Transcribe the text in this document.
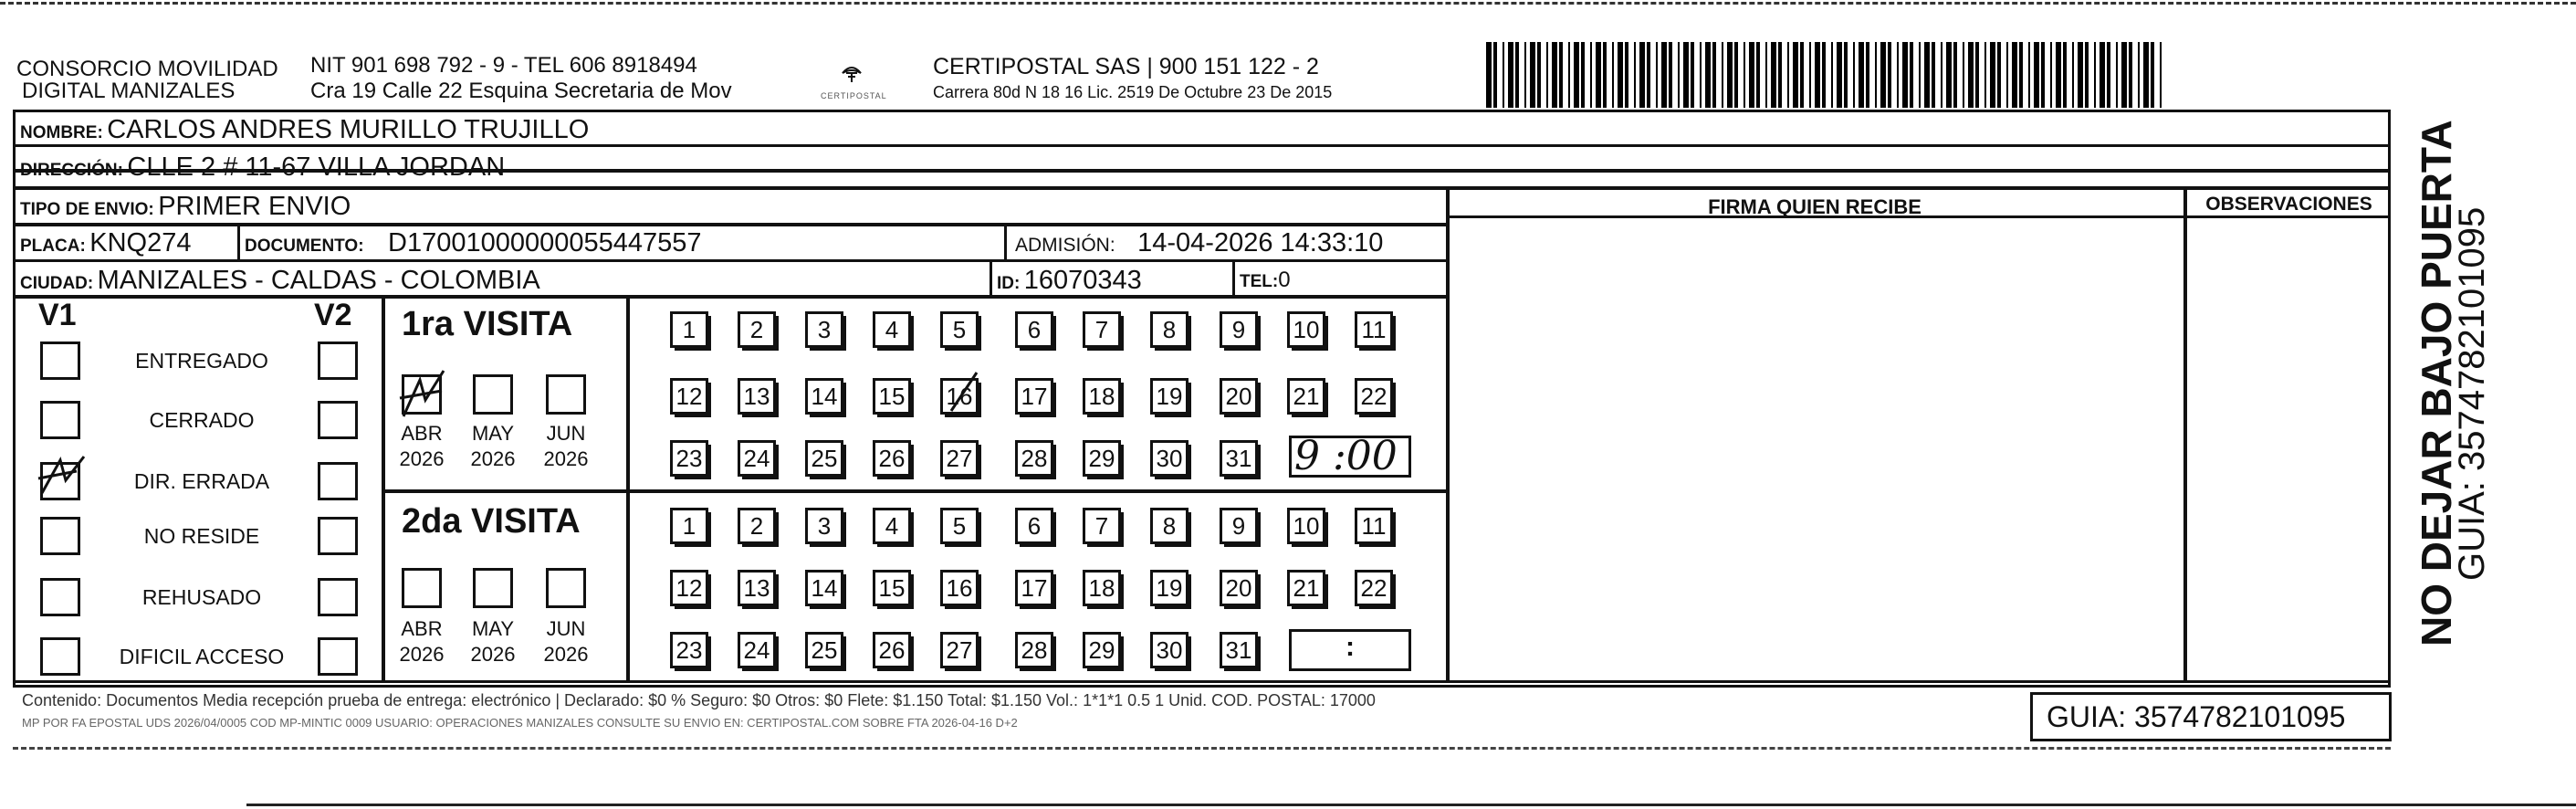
CONSORCIO MOVILIDAD
DIGITAL MANIZALES
NIT 901 698 792 - 9 - TEL 606 8918494
Cra 19 Calle 22 Esquina Secretaria de Mov	CERTIPOSTAL
CERTIPOSTAL SAS | 900 151 122 - 2
Carrera 80d N 18 16 Lic. 2519 De Octubre 23 De 2015
NOMBRE: CARLOS ANDRES MURILLO TRUJILLO
DIRECCIÓN: CLLE 2 # 11-67 VILLA JORDAN
TIPO DE ENVIO: PRIMER ENVIO
PLACA: KNQ274	DOCUMENTO: D17001000000055447557	ADMISIÓN: 14-04-2026 14:33:10
CIUDAD: MANIZALES - CALDAS - COLOMBIA	ID: 16070343	TEL:0
FIRMA QUIEN RECIBE	OBSERVACIONES
V1	V2
ENTREGADO
CERRADO
DIR. ERRADA
NO RESIDE
REHUSADO
DIFICIL ACCESO
1ra VISITA
ABR
2026
MAY
2026
JUN
2026
1	2	3	4	5	6	7	8	9	10 11
12 13 14 15 16 17 18 19 20 21 22
23 24 25 26 27 28 29 30 31
2da VISITA
ABR
2026
MAY
2026
JUN
2026
1	2	3	4	5	6	7	8	9	10 11
12 13 14 15 16 17 18 19 20 21 22
23 24 25 26 27 28 29 30 31
9 :00
:
Contenido: Documentos Media recepción prueba de entrega: electrónico | Declarado: $0 % Seguro: $0 Otros: $0 Flete: $1.150 Total: $1.150 Vol.: 1*1*1 0.5 1 Unid. COD. POSTAL: 17000
MP POR FA EPOSTAL UDS 2026/04/0005 COD MP-MINTIC 0009 USUARIO: OPERACIONES MANIZALES CONSULTE SU ENVIO EN: CERTIPOSTAL.COM SOBRE FTA 2026-04-16 D+2	GUIA: 3574782101095
NO DEJAR BAJO PUERTA
GUIA: 3574782101095
